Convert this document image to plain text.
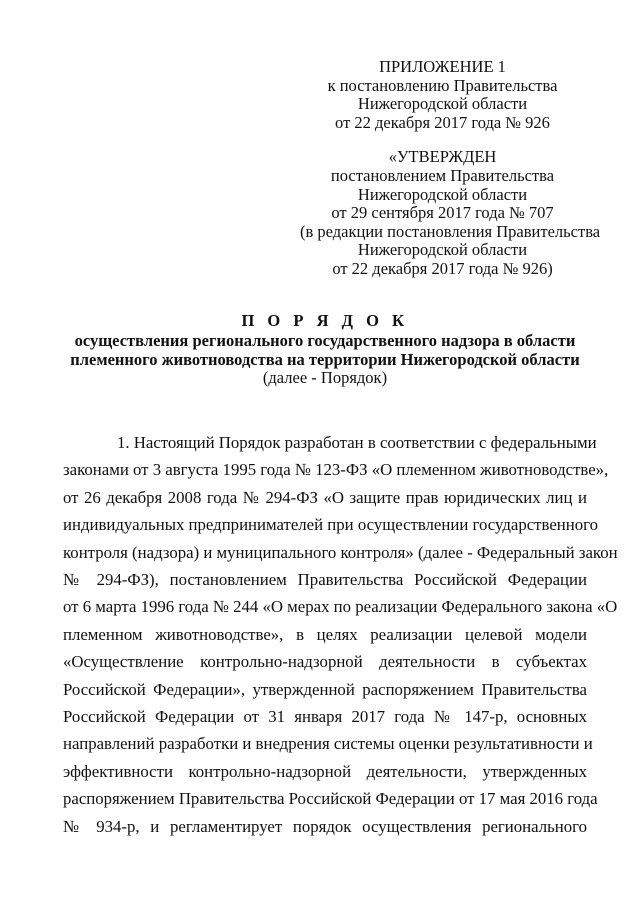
ПРИЛОЖЕНИЕ 1
к постановлению Правительства
Нижегородской области
от 22 декабря 2017 года № 926
«УТВЕРЖДЕН
постановлением Правительства
Нижегородской области
от 29 сентября 2017 года № 707
(в редакции постановления Правительства
Нижегородской области
от 22 декабря 2017 года № 926)
П О Р Я Д О К
осуществления регионального государственного надзора в области
племенного животноводства на территории Нижегородской области
(далее - Порядок)
1. Настоящий Порядок разработан в соответствии с федеральными
законами от 3 августа 1995 года № 123-ФЗ «О племенном животноводстве»,
от 26 декабря 2008 года № 294-ФЗ «О защите прав юридических лиц и
индивидуальных предпринимателей при осуществлении государственного
контроля (надзора) и муниципального контроля» (далее - Федеральный закон
№ 294-ФЗ), постановлением Правительства Российской Федерации
от 6 марта 1996 года № 244 «О мерах по реализации Федерального закона «О
племенном животноводстве», в целях реализации целевой модели
«Осуществление контрольно-надзорной деятельности в субъектах
Российской Федерации», утвержденной распоряжением Правительства
Российской Федерации от 31 января 2017 года № 147-р, основных
направлений разработки и внедрения системы оценки результативности и
эффективности контрольно-надзорной деятельности, утвержденных
распоряжением Правительства Российской Федерации от 17 мая 2016 года
№ 934-р, и регламентирует порядок осуществления регионального
